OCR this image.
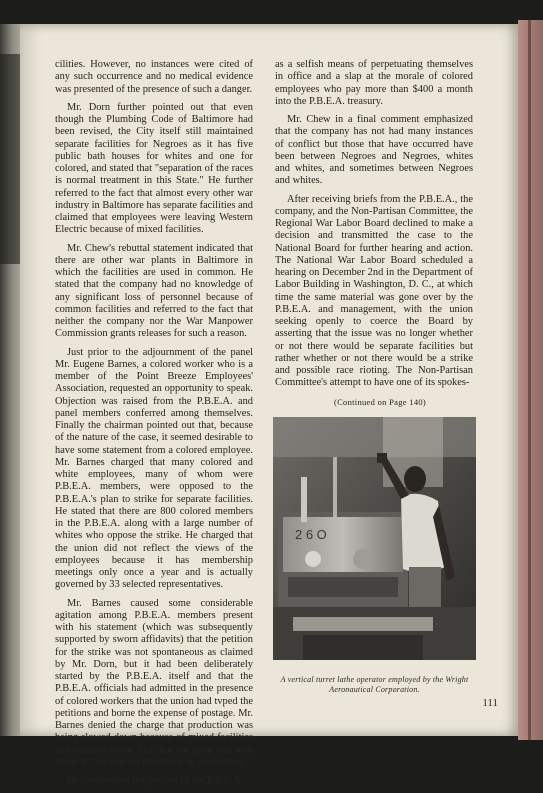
cilities. However, no instances were cited of any such occurrence and no medical evidence was presented of the presence of such a danger.

Mr. Dorn further pointed out that even though the Plumbing Code of Baltimore had been revised, the City itself still maintained separate facilities for Negroes as it has five public bath houses for whites and one for colored, and stated that "separation of the races is normal treatment in this State." He further referred to the fact that almost every other war industry in Baltimore has separate facilities and claimed that employees were leaving Western Electric because of mixed facilities.

Mr. Chew's rebuttal statement indicated that there are other war plants in Baltimore in which the facilities are used in common. He stated that the company had no knowledge of any significant loss of personnel because of common facilities and referred to the fact that neither the company nor the War Manpower Commission grants releases for such a reason.

Just prior to the adjournment of the panel Mr. Eugene Barnes, a colored worker who is a member of the Point Breeze Employees' Association, requested an opportunity to speak. Objection was raised from the P.B.E.A. and panel members conferred among themselves. Finally the chairman pointed out that, because of the nature of the case, it seemed desirable to have some statement from a colored employee. Mr. Barnes charged that many colored and white employees, many of whom were P.B.E.A. members, were opposed to the P.B.E.A.'s plan to strike for separate facilities. He stated that there are 800 colored members in the P.B.E.A. along with a large number of whites who oppose the strike. He charged that the union did not reflect the views of the employees because it has membership meetings only once a year and is actually governed by 33 selected representatives.

Mr. Barnes caused some considerable agitation among P.B.E.A. members present with his statement (which was subsequently supported by sworn affidavits) that the petition for the strike was not spontaneous as claimed by Mr. Dorn, but it had been deliberately started by the P.B.E.A. itself and that the P.B.E.A. officials had admitted in the presence of colored workers that the union had tvped the petitions and borne the expense of postage. Mr. Barnes denied the charge that production was being slowed down because of mixed facilities and referred to the fact that the plant had won three "E" awards for efficiency in production.

He condemned the postion of the P.B.E.A.

as a selfish means of perpetuating themselves in office and a slap at the morale of colored employees who pay more than $400 a month into the P.B.E.A. treasury.

Mr. Chew in a final comment emphasized that the company has not had many instances of conflict but those that have occurred have been between Negroes and Negroes, whites and whites, and sometimes between Negroes and whites.

After receiving briefs from the P.B.E.A., the company, and the Non-Partisan Committee, the Regional War Labor Board declined to make a decision and transmitted the case to the National Board for further hearing and action. The National War Labor Board scheduled a hearing on December 2nd in the Department of Labor Building in Washington, D. C., at which time the same material was gone over by the P.B.E.A. and management, with the union seeking openly to coerce the Board by asserting that the issue was no longer whether or not there would be separate facilities but rather whether or not there would be a strike and possible race rioting. The Non-Partisan Committee's attempt to have one of its spokes-

(Continued on Page 140)

2 6 O
A vertical turret lathe operator employed by the Wright Aeronautical Corporation.
111
